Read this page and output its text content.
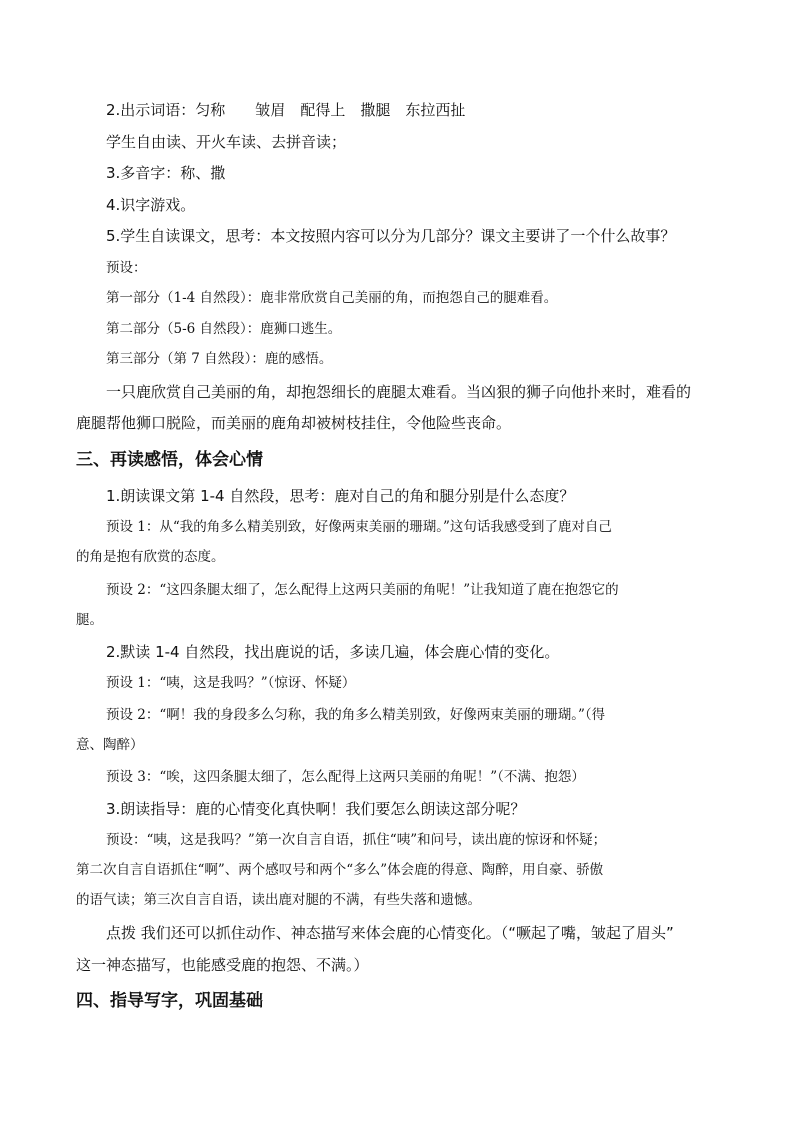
2.出示词语：匀称　　皱眉　配得上　撒腿　东拉西扯
学生自由读、开火车读、去拼音读；
3.多音字：称、撒
4.识字游戏。
5.学生自读课文，思考：本文按照内容可以分为几部分？课文主要讲了一个什么故事？
预设：
第一部分（1-4 自然段）：鹿非常欣赏自己美丽的角，而抱怨自己的腿难看。
第二部分（5-6 自然段）：鹿狮口逃生。
第三部分（第 7 自然段）：鹿的感悟。
一只鹿欣赏自己美丽的角，却抱怨细长的鹿腿太难看。当凶狠的狮子向他扑来时，难看的
鹿腿帮他狮口脱险，而美丽的鹿角却被树枝挂住，令他险些丧命。
三、再读感悟，体会心情
1.朗读课文第 1-4 自然段，思考：鹿对自己的角和腿分别是什么态度？
预设 1：从“我的角多么精美别致，好像两束美丽的珊瑚。”这句话我感受到了鹿对自己
的角是抱有欣赏的态度。
预设 2：“这四条腿太细了，怎么配得上这两只美丽的角呢！”让我知道了鹿在抱怨它的
腿。
2.默读 1-4 自然段，找出鹿说的话，多读几遍，体会鹿心情的变化。
预设 1：“咦，这是我吗？”（惊讶、怀疑）
预设 2：“啊！我的身段多么匀称，我的角多么精美别致，好像两束美丽的珊瑚。”（得
意、陶醉）
预设 3：“唉，这四条腿太细了，怎么配得上这两只美丽的角呢！”（不满、抱怨）
3.朗读指导：鹿的心情变化真快啊！我们要怎么朗读这部分呢？
预设：“咦，这是我吗？”第一次自言自语，抓住“咦”和问号，读出鹿的惊讶和怀疑；
第二次自言自语抓住“啊”、两个感叹号和两个“多么”体会鹿的得意、陶醉，用自豪、骄傲
的语气读；第三次自言自语，读出鹿对腿的不满，有些失落和遗憾。
点拨 我们还可以抓住动作、神态描写来体会鹿的心情变化。（“噘起了嘴，皱起了眉头”
这一神态描写，也能感受鹿的抱怨、不满。）
四、指导写字，巩固基础
